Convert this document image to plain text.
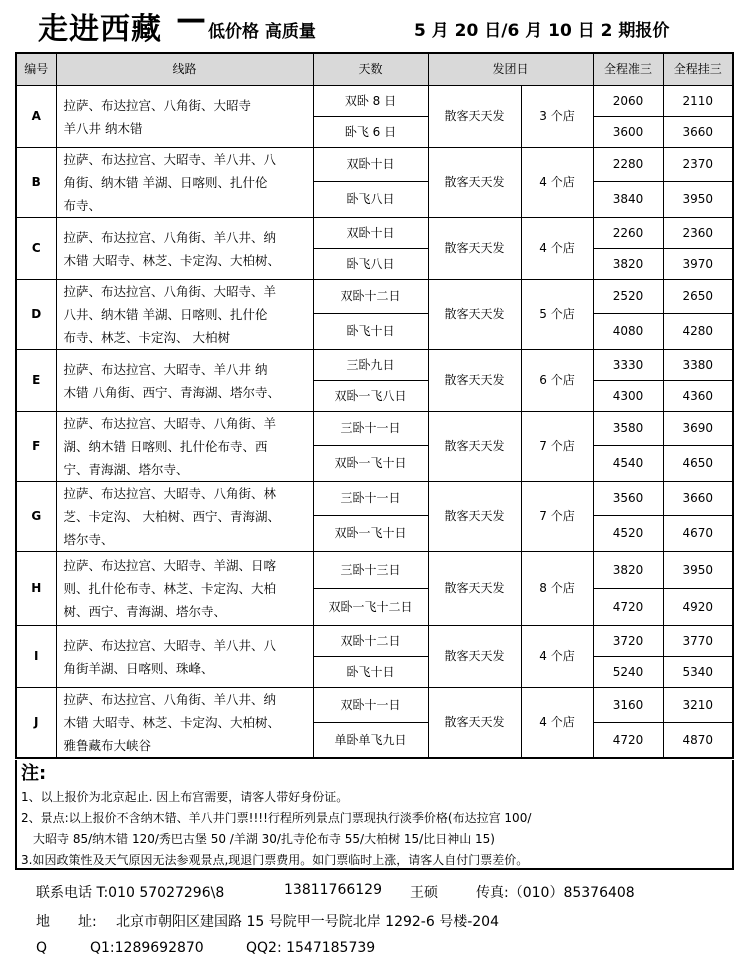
走进西藏 — 低价格 高质量	5 月 20 日/6 月 10 日 2 期报价
编号	线路	天数	发团日		全程准三	全程挂三
A	拉萨、布达拉宫、八角街、大昭寺
羊八井 纳木错	双卧 8 日	散客天天发	3 个店	2060	2110
		卧飞 6 日			3600	3660
B	拉萨、布达拉宫、大昭寺、羊八井、八
角街、纳木错 羊湖、日喀则、扎什伦
布寺、	双卧十日	散客天天发	4 个店	2280	2370
		卧飞八日			3840	3950
C	拉萨、布达拉宫、八角街、羊八井、纳
木错 大昭寺、林芝、卡定沟、大柏树、	双卧十日	散客天天发	4 个店	2260	2360
		卧飞八日			3820	3970
D	拉萨、布达拉宫、八角街、大昭寺、羊
八井、纳木错 羊湖、日喀则、扎什伦
布寺、林芝、卡定沟、 大柏树	双卧十二日	散客天天发	5 个店	2520	2650
		卧飞十日			4080	4280
E	拉萨、布达拉宫、大昭寺、羊八井 纳
木错 八角街、西宁、青海湖、塔尔寺、	三卧九日	散客天天发	6 个店	3330	3380
		双卧一飞八日			4300	4360
F	拉萨、布达拉宫、大昭寺、八角街、羊
湖、纳木错 日喀则、扎什伦布寺、西
宁、青海湖、塔尔寺、	三卧十一日	散客天天发	7 个店	3580	3690
		双卧一飞十日			4540	4650
G	拉萨、布达拉宫、大昭寺、八角街、林
芝、卡定沟、 大柏树、西宁、青海湖、
塔尔寺、	三卧十一日	散客天天发	7 个店	3560	3660
		双卧一飞十日			4520	4670
H	拉萨、布达拉宫、大昭寺、羊湖、日喀
则、扎什伦布寺、林芝、卡定沟、大柏
树、西宁、青海湖、塔尔寺、	三卧十三日	散客天天发	8 个店	3820	3950
		双卧一飞十二日			4720	4920
I	拉萨、布达拉宫、大昭寺、羊八井、八
角街羊湖、日喀则、珠峰、	双卧十二日	散客天天发	4 个店	3720	3770
		卧飞十日			5240	5340
J	拉萨、布达拉宫、八角街、羊八井、纳
木错 大昭寺、林芝、卡定沟、大柏树、
雅鲁藏布大峡谷	双卧十一日	散客天天发	4 个店	3160	3210
		单卧单飞九日			4720	4870
注:
1、以上报价为北京起止. 因上布宫需要，请客人带好身份证。
2、景点:以上报价不含纳木错、羊八井门票!!!!行程所列景点门票现执行淡季价格(布达拉宫 100/
大昭寺 85/纳木错 120/秀巴古堡 50 /羊湖 30/扎寺伦布寺 55/大柏树 15/比日神山 15)
3.如因政策性及天气原因无法参观景点,现退门票费用。如门票临时上涨，请客人自付门票差价。
联系电话 T:010 57027296\8	13811766129 王硕	传真:（010）85376408
地　　址: 北京市朝阳区建国路 15 号院甲一号院北岸 1292-6 号楼-204
Q	Q1:1289692870	QQ2: 1547185739
